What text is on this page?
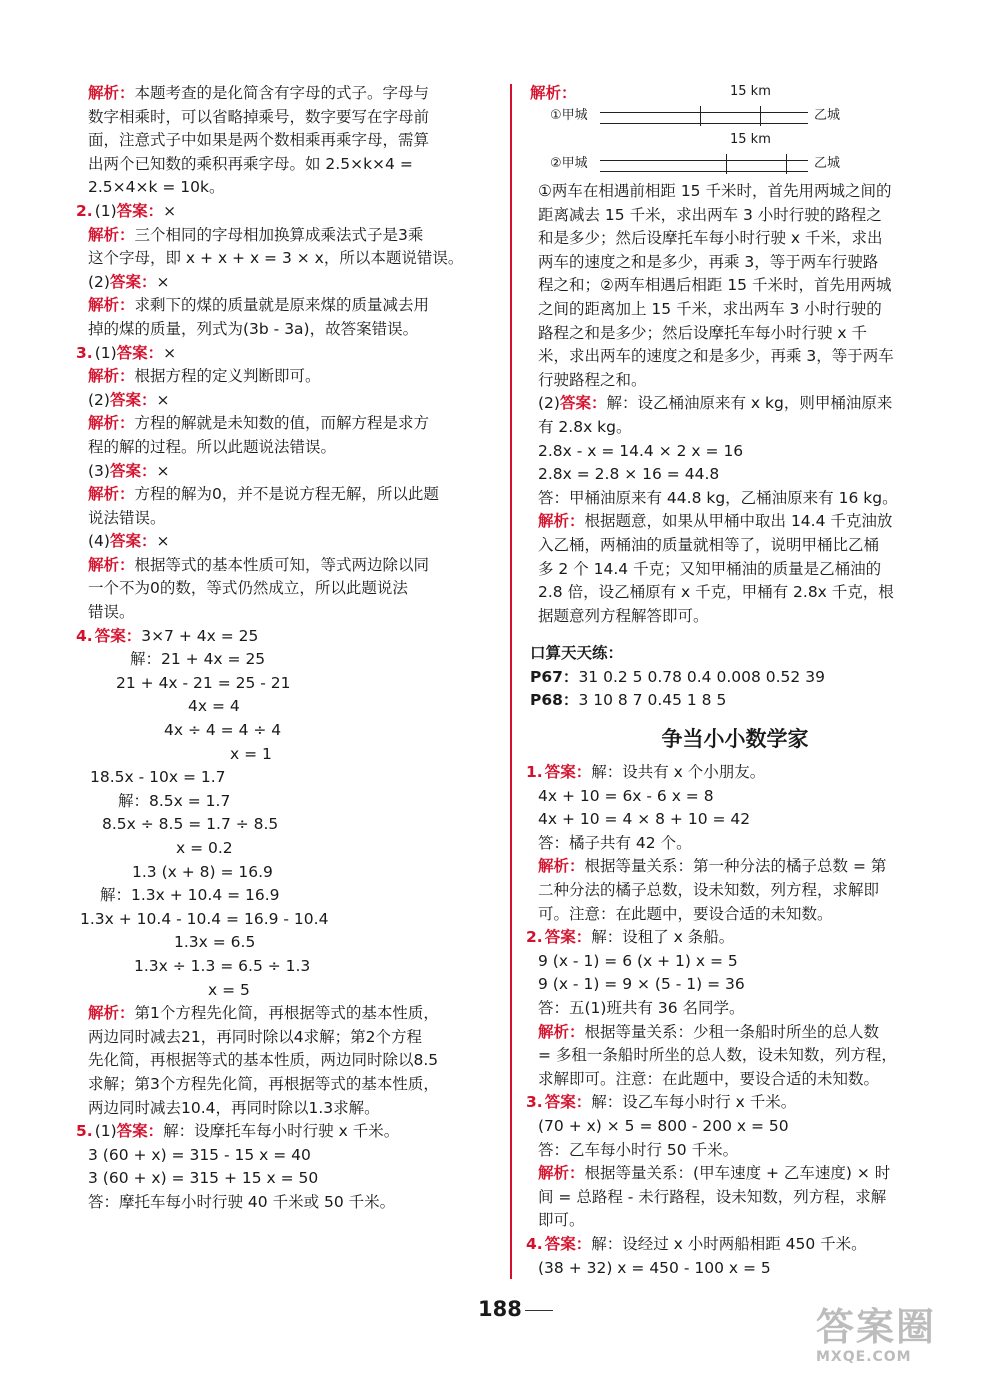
解析：本题考查的是化简含有字母的式子。字母与
数字相乘时，可以省略掉乘号，数字要写在字母前
面，注意式子中如果是两个数相乘再乘字母，需算
出两个已知数的乘积再乘字母。如 2.5×k×4 =
2.5×4×k = 10k。
2. (1)答案：×
解析：三个相同的字母相加换算成乘法式子是3乘
这个字母，即 x + x + x = 3 × x，所以本题说错误。
(2)答案：×
解析：求剩下的煤的质量就是原来煤的质量减去用
掉的煤的质量，列式为(3b - 3a)，故答案错误。
3. (1)答案：×
解析：根据方程的定义判断即可。
(2)答案：×
解析：方程的解就是未知数的值，而解方程是求方
程的解的过程。所以此题说法错误。
(3)答案：×
解析：方程的解为0，并不是说方程无解，所以此题
说法错误。
(4)答案：×
解析：根据等式的基本性质可知，等式两边除以同
一个不为0的数，等式仍然成立，所以此题说法
错误。
4. 答案：3×7 + 4x = 25
解：21 + 4x = 25
21 + 4x - 21 = 25 - 21
4x = 4
4x ÷ 4 = 4 ÷ 4
x = 1
18.5x - 10x = 1.7
解：8.5x = 1.7
8.5x ÷ 8.5 = 1.7 ÷ 8.5
x = 0.2
1.3 (x + 8) = 16.9
解：1.3x + 10.4 = 16.9
1.3x + 10.4 - 10.4 = 16.9 - 10.4
1.3x = 6.5
1.3x ÷ 1.3 = 6.5 ÷ 1.3
x = 5
解析：第1个方程先化简，再根据等式的基本性质，
两边同时减去21，再同时除以4求解；第2个方程
先化简，再根据等式的基本性质，两边同时除以8.5
求解；第3个方程先化简，再根据等式的基本性质，
两边同时减去10.4，再同时除以1.3求解。
5. (1)答案：解：设摩托车每小时行驶 x 千米。
3 (60 + x) = 315 - 15 x = 40
3 (60 + x) = 315 + 15 x = 50
答：摩托车每小时行驶 40 千米或 50 千米。
解析：
①甲城
15 km
乙城
②甲城
15 km
乙城
①两车在相遇前相距 15 千米时，首先用两城之间的
距离减去 15 千米，求出两车 3 小时行驶的路程之
和是多少；然后设摩托车每小时行驶 x 千米，求出
两车的速度之和是多少，再乘 3，等于两车行驶路
程之和；②两车相遇后相距 15 千米时，首先用两城
之间的距离加上 15 千米，求出两车 3 小时行驶的
路程之和是多少；然后设摩托车每小时行驶 x 千
米，求出两车的速度之和是多少，再乘 3，等于两车
行驶路程之和。
(2)答案：解：设乙桶油原来有 x kg，则甲桶油原来
有 2.8x kg。
2.8x - x = 14.4 × 2 x = 16
2.8x = 2.8 × 16 = 44.8
答：甲桶油原来有 44.8 kg，乙桶油原来有 16 kg。
解析：根据题意，如果从甲桶中取出 14.4 千克油放
入乙桶，两桶油的质量就相等了，说明甲桶比乙桶
多 2 个 14.4 千克；又知甲桶油的质量是乙桶油的
2.8 倍，设乙桶原有 x 千克，甲桶有 2.8x 千克，根
据题意列方程解答即可。
口算天天练：
P67：31 0.2 5 0.78 0.4 0.008 0.52 39
P68：3 10 8 7 0.45 1 8 5
争当小小数学家
1. 答案：解：设共有 x 个小朋友。
4x + 10 = 6x - 6 x = 8
4x + 10 = 4 × 8 + 10 = 42
答：橘子共有 42 个。
解析：根据等量关系：第一种分法的橘子总数 = 第
二种分法的橘子总数，设未知数，列方程，求解即
可。注意：在此题中，要设合适的未知数。
2. 答案：解：设租了 x 条船。
9 (x - 1) = 6 (x + 1) x = 5
9 (x - 1) = 9 × (5 - 1) = 36
答：五(1)班共有 36 名同学。
解析：根据等量关系：少租一条船时所坐的总人数
= 多租一条船时所坐的总人数，设未知数，列方程，
求解即可。注意：在此题中，要设合适的未知数。
3. 答案：解：设乙车每小时行 x 千米。
(70 + x) × 5 = 800 - 200 x = 50
答：乙车每小时行 50 千米。
解析：根据等量关系：(甲车速度 + 乙车速度) × 时
间 = 总路程 - 未行路程，设未知数，列方程，求解
即可。
4. 答案：解：设经过 x 小时两船相距 450 千米。
(38 + 32) x = 450 - 100 x = 5
188	答案圈
MXQE.COM
